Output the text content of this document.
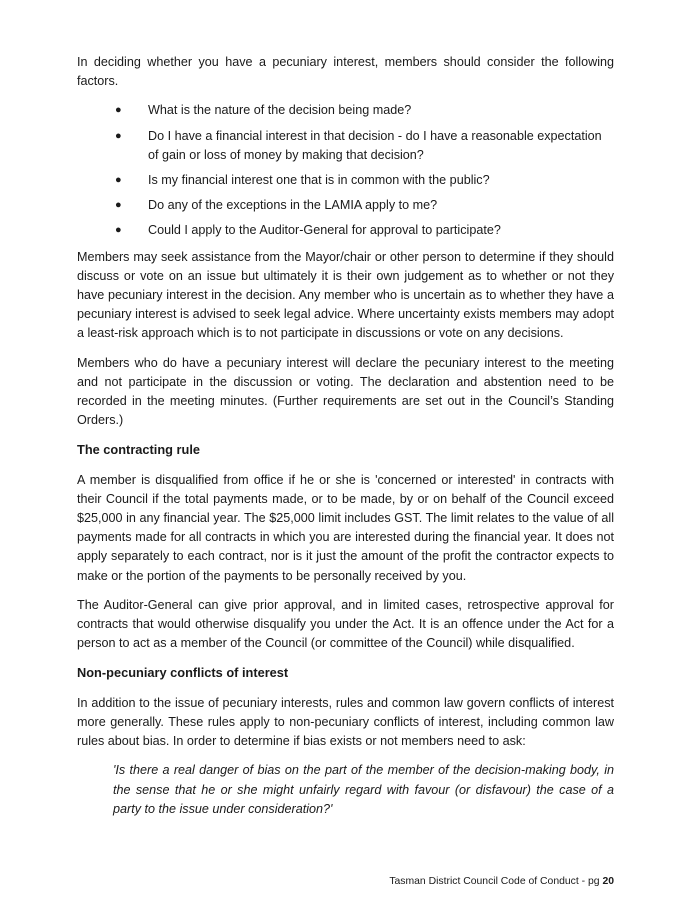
In deciding whether you have a pecuniary interest, members should consider the following factors.

● What is the nature of the decision being made?
● Do I have a financial interest in that decision - do I have a reasonable expectation of gain or loss of money by making that decision?
● Is my financial interest one that is in common with the public?
● Do any of the exceptions in the LAMIA apply to me?
● Could I apply to the Auditor-General for approval to participate?

Members may seek assistance from the Mayor/chair or other person to determine if they should discuss or vote on an issue but ultimately it is their own judgement as to whether or not they have pecuniary interest in the decision. Any member who is uncertain as to whether they have a pecuniary interest is advised to seek legal advice. Where uncertainty exists members may adopt a least-risk approach which is to not participate in discussions or vote on any decisions.

Members who do have a pecuniary interest will declare the pecuniary interest to the meeting and not participate in the discussion or voting. The declaration and abstention need to be recorded in the meeting minutes. (Further requirements are set out in the Council’s Standing Orders.)

The contracting rule

A member is disqualified from office if he or she is 'concerned or interested' in contracts with their Council if the total payments made, or to be made, by or on behalf of the Council exceed $25,000 in any financial year. The $25,000 limit includes GST. The limit relates to the value of all payments made for all contracts in which you are interested during the financial year. It does not apply separately to each contract, nor is it just the amount of the profit the contractor expects to make or the portion of the payments to be personally received by you.

The Auditor-General can give prior approval, and in limited cases, retrospective approval for contracts that would otherwise disqualify you under the Act. It is an offence under the Act for a person to act as a member of the Council (or committee of the Council) while disqualified.

Non-pecuniary conflicts of interest

In addition to the issue of pecuniary interests, rules and common law govern conflicts of interest more generally. These rules apply to non-pecuniary conflicts of interest, including common law rules about bias. In order to determine if bias exists or not members need to ask:

'Is there a real danger of bias on the part of the member of the decision-making body, in the sense that he or she might unfairly regard with favour (or disfavour) the case of a party to the issue under consideration?'

Tasman District Council Code of Conduct - pg 20
